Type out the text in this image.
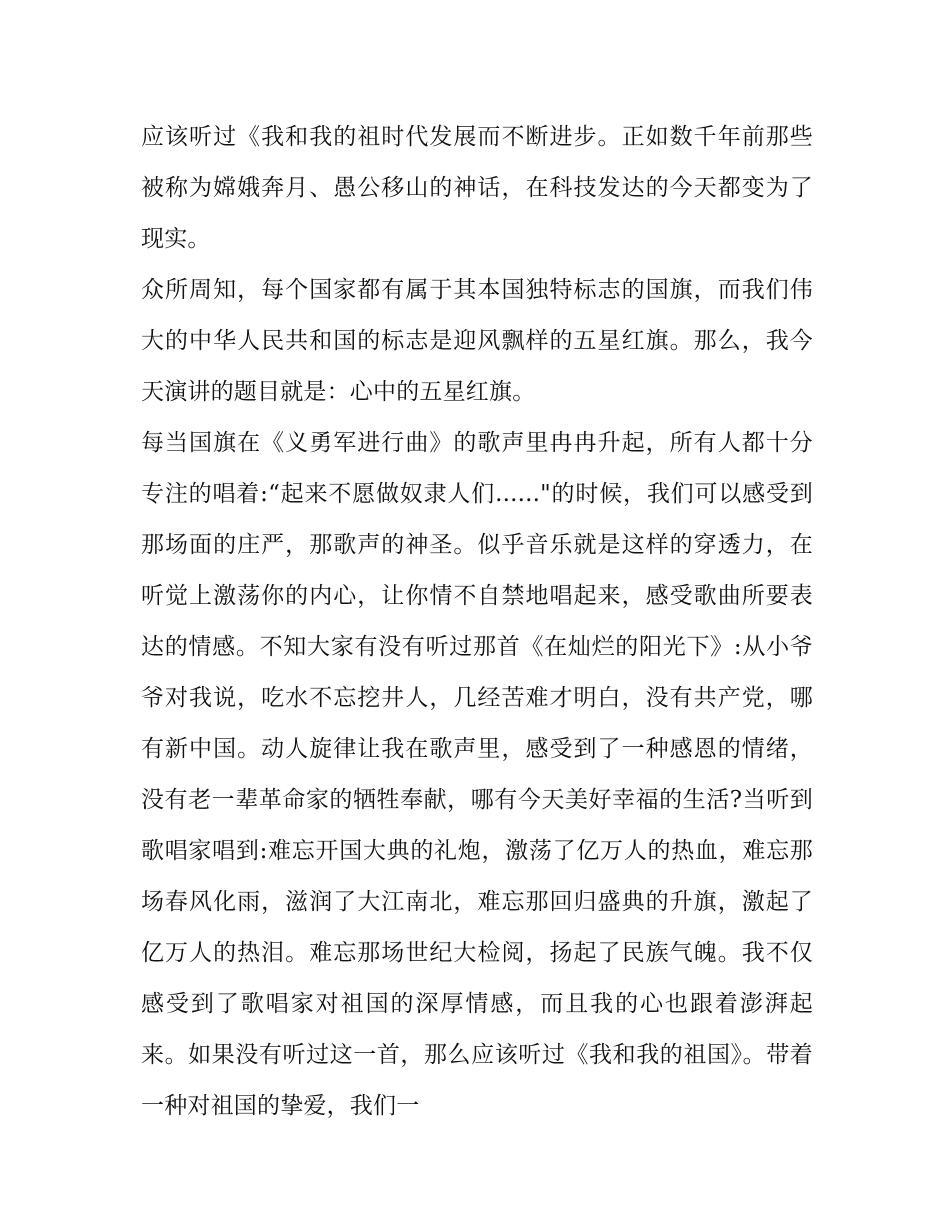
应该听过《我和我的祖时代发展而不断进步。正如数千年前那些被称为嫦娥奔月、愚公移山的神话，在科技发达的今天都变为了现实。

众所周知，每个国家都有属于其本国独特标志的国旗，而我们伟大的中华人民共和国的标志是迎风飘样的五星红旗。那么，我今天演讲的题目就是：心中的五星红旗。

每当国旗在《义勇军进行曲》的歌声里冉冉升起，所有人都十分专注的唱着:“起来不愿做奴隶人们......"的时候，我们可以感受到那场面的庄严，那歌声的神圣。似乎音乐就是这样的穿透力，在听觉上激荡你的内心，让你情不自禁地唱起来，感受歌曲所要表达的情感。不知大家有没有听过那首《在灿烂的阳光下》:从小爷爷对我说，吃水不忘挖井人，几经苦难才明白，没有共产党，哪有新中国。动人旋律让我在歌声里，感受到了一种感恩的情绪，没有老一辈革命家的牺牲奉献，哪有今天美好幸福的生活?当听到歌唱家唱到:难忘开国大典的礼炮，激荡了亿万人的热血，难忘那场春风化雨，滋润了大江南北，难忘那回归盛典的升旗，激起了亿万人的热泪。难忘那场世纪大检阅，扬起了民族气魄。我不仅感受到了歌唱家对祖国的深厚情感，而且我的心也跟着澎湃起来。如果没有听过这一首，那么应该听过《我和我的祖国》。带着一种对祖国的挚爱，我们一
